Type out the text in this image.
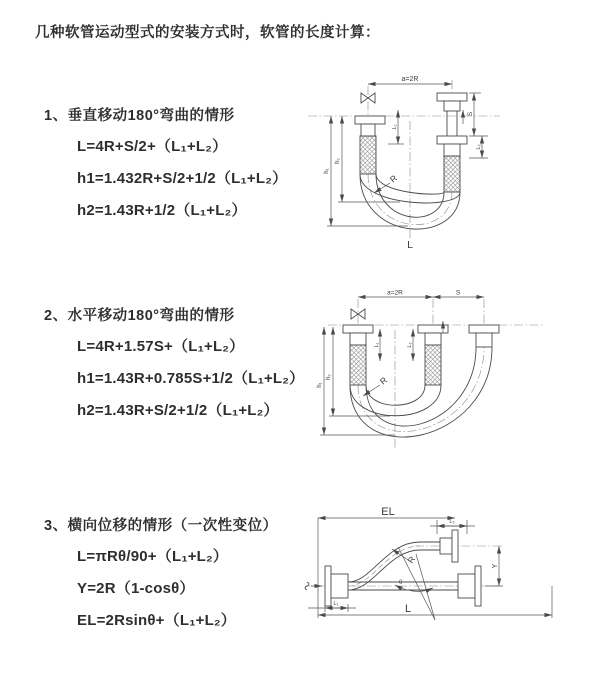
几种软管运动型式的安装方式时，软管的长度计算：
1、垂直移动180°弯曲的情形
L=4R+S/2+（L₁+L₂）
h1=1.432R+S/2+1/2（L₁+L₂）
h2=1.43R+1/2（L₁+L₂）
2、水平移动180°弯曲的情形
L=4R+1.57S+（L₁+L₂）
h1=1.43R+0.785S+1/2（L₁+L₂）
h2=1.43R+S/2+1/2（L₁+L₂）
3、横向位移的情形（一次性变位）
L=πRθ/90+（L₁+L₂）
Y=2R（1-cosθ）
EL=2Rsinθ+（L₁+L₂）
a=2R
S
L₂
L₁
h₁
h₂
R
L
a=2R	S
L₁	L₂
h₁
h₂	R
EL
L₂
Y
L
L₁
R
θ
